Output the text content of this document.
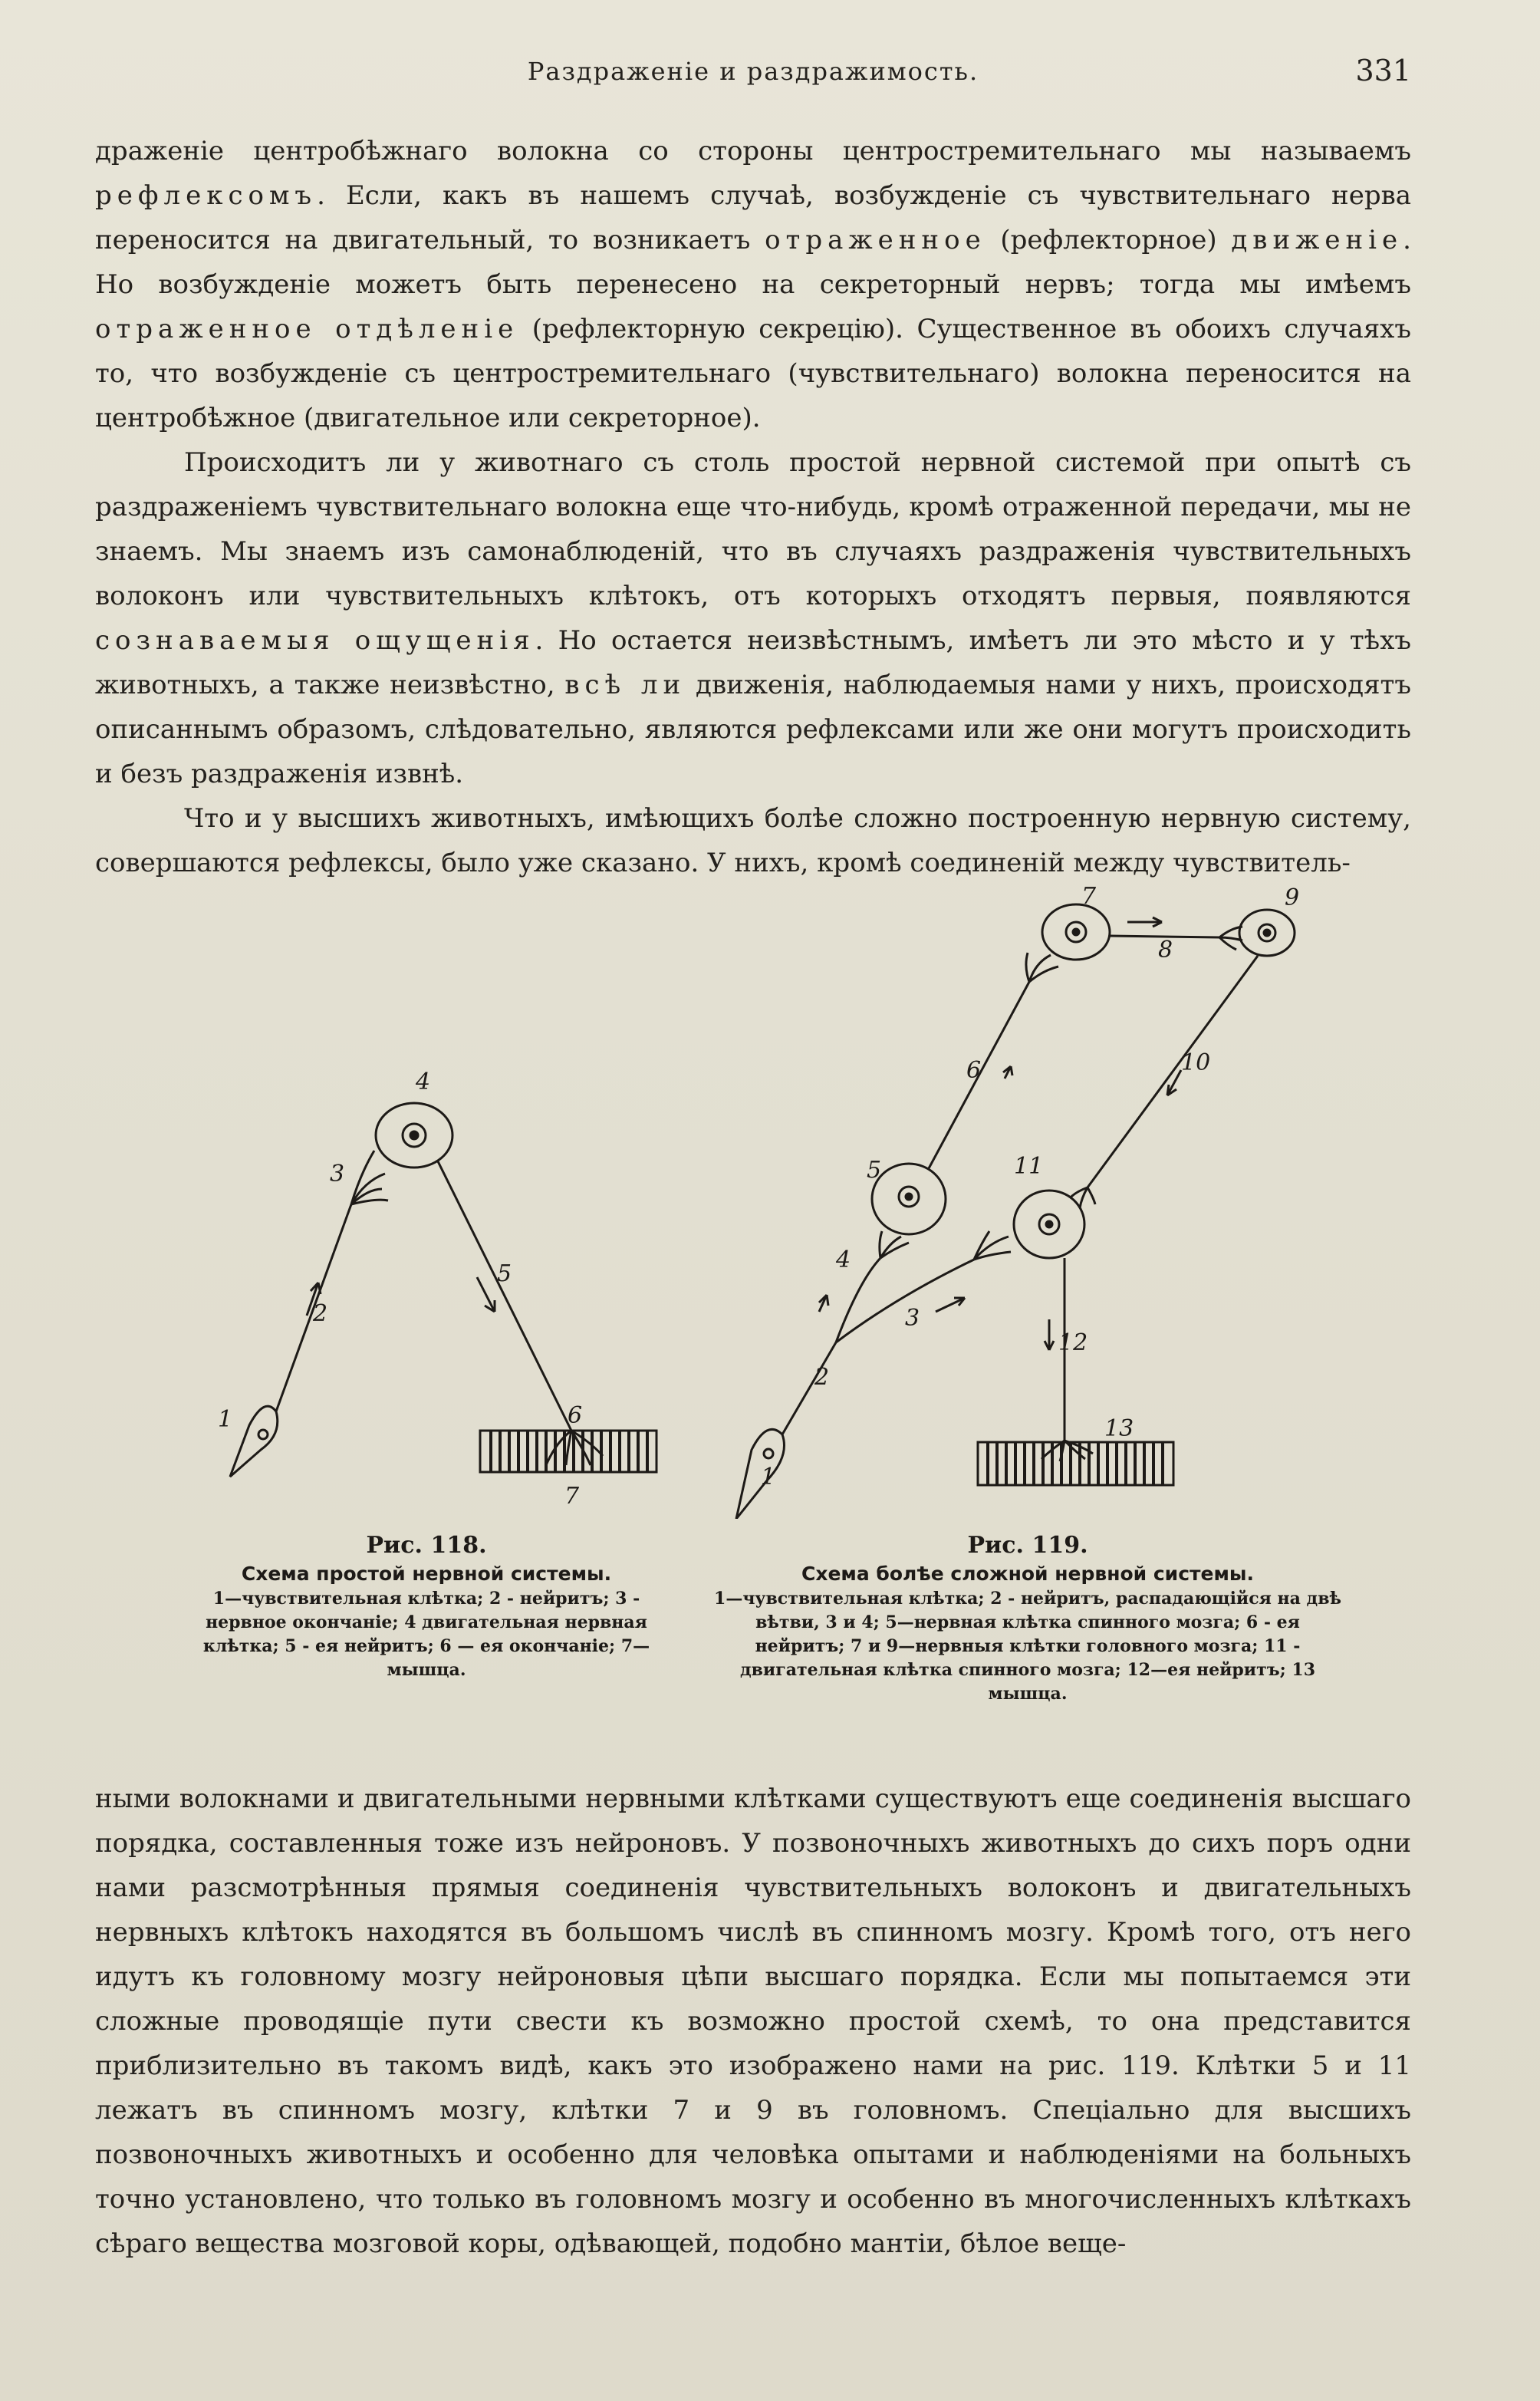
Раздраженіе и раздражимость.	331

драженіе центробѣжнаго волокна со стороны центростремительнаго мы называемъ рефлексомъ. Если, какъ въ нашемъ случаѣ, возбужденіе съ чувствительнаго нерва переносится на двигательный, то возникаетъ отраженное (рефлекторное) движеніе. Но возбужденіе можетъ быть перенесено на секреторный нервъ; тогда мы имѣемъ отраженное отдѣленіе (рефлекторную секрецію). Существенное въ обоихъ случаяхъ то, что возбужденіе съ центростремительнаго (чувствительнаго) волокна переносится на центробѣжное (двигательное или секреторное).

Происходитъ ли у животнаго съ столь простой нервной системой при опытѣ съ раздраженіемъ чувствительнаго волокна еще что-нибудь, кромѣ отраженной передачи, мы не знаемъ. Мы знаемъ изъ самонаблюденій, что въ случаяхъ раздраженія чувствительныхъ волоконъ или чувствительныхъ клѣтокъ, отъ которыхъ отходятъ первыя, появляются сознаваемыя ощущенія. Но остается неизвѣстнымъ, имѣетъ ли это мѣсто и у тѣхъ животныхъ, а также неизвѣстно, всѣ ли движенія, наблюдаемыя нами у нихъ, происходятъ описаннымъ образомъ, слѣдовательно, являются рефлексами или же они могутъ происходить и безъ раздраженія извнѣ.

Что и у высшихъ животныхъ, имѣющихъ болѣе сложно построенную нервную систему, совершаются рефлексы, было уже сказано. У нихъ, кромѣ соединеній между чувствитель-

1
2
3
4
5
6
7
1
2
3
4
5
6
7
8
9
10
11
12
13
Рис. 118.
Схема простой нервной системы.
1—чувствительная клѣтка; 2 - нейритъ; 3 - нервное окончаніе; 4 двигательная нервная клѣтка; 5 - ея нейритъ; 6 — ея окончаніе; 7—мышца.
Рис. 119.
Схема болѣе сложной нервной системы.
1—чувствительная клѣтка; 2 - нейритъ, распадающійся на двѣ вѣтви, 3 и 4; 5—нервная клѣтка спинного мозга; 6 - ея нейритъ; 7 и 9—нервныя клѣтки головного мозга; 11 - двигательная клѣтка спинного мозга; 12—ея нейритъ; 13 мышца.

ными волокнами и двигательными нервными клѣтками существуютъ еще соединенія высшаго порядка, составленныя тоже изъ нейроновъ. У позвоночныхъ животныхъ до сихъ поръ одни нами разсмотрѣнныя прямыя соединенія чувствительныхъ волоконъ и двигательныхъ нервныхъ клѣтокъ находятся въ большомъ числѣ въ спинномъ мозгу. Кромѣ того, отъ него идутъ къ головному мозгу нейроновыя цѣпи высшаго порядка. Если мы попытаемся эти сложные проводящіе пути свести къ возможно простой схемѣ, то она представится приблизительно въ такомъ видѣ, какъ это изображено нами на рис. 119. Клѣтки 5 и 11 лежатъ въ спинномъ мозгу, клѣтки 7 и 9 въ головномъ. Спеціально для высшихъ позвоночныхъ животныхъ и особенно для человѣка опытами и наблюденіями на больныхъ точно установлено, что только въ головномъ мозгу и особенно въ многочисленныхъ клѣткахъ сѣраго вещества мозговой коры, одѣвающей, подобно мантіи, бѣлое веще-
